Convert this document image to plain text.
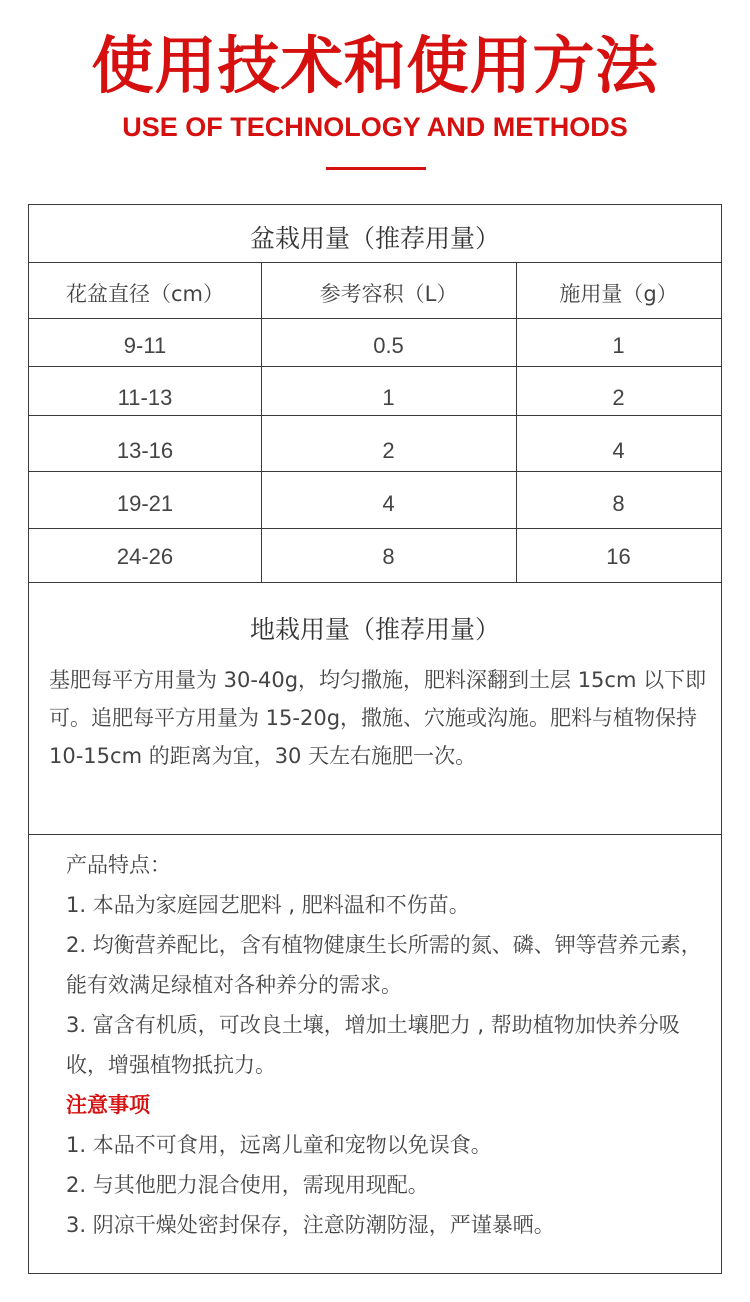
使用技术和使用方法
USE OF TECHNOLOGY AND METHODS
盆栽用量（推荐用量）
花盆直径（cm）	参考容积（L）	施用量（g）
9-11	0.5	1
11-13	1	2
13-16	2	4
19-21	4	8
24-26	8	16
地栽用量（推荐用量）
基肥每平方用量为 30-40g，均匀撒施，肥料深翻到土层 15cm 以下即可。追肥每平方用量为 15-20g，撒施、穴施或沟施。肥料与植物保持 10-15cm 的距离为宜，30 天左右施肥一次。

产品特点：

1. 本品为家庭园艺肥料 , 肥料温和不伤苗。

2. 均衡营养配比，含有植物健康生长所需的氮、磷、钾等营养元素，能有效满足绿植对各种养分的需求。

3. 富含有机质，可改良土壤，增加土壤肥力 , 帮助植物加快养分吸收，增强植物抵抗力。

注意事项

1. 本品不可食用，远离儿童和宠物以免误食。

2. 与其他肥力混合使用，需现用现配。

3. 阴凉干燥处密封保存，注意防潮防湿，严谨暴晒。
